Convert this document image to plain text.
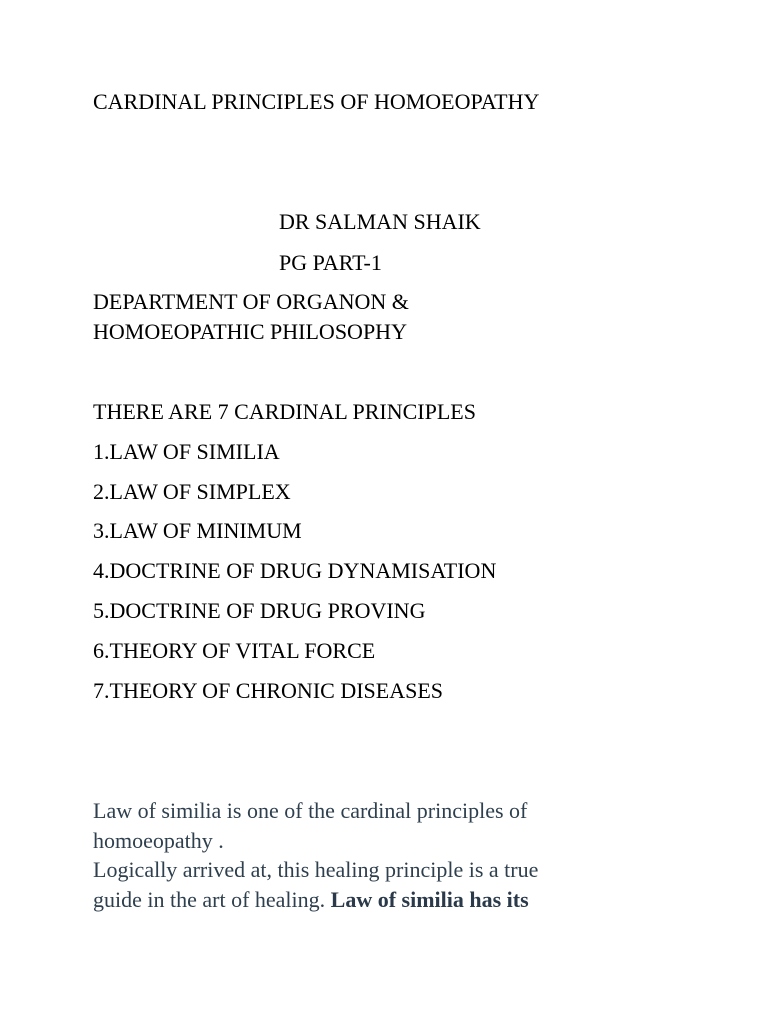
CARDINAL PRINCIPLES OF HOMOEOPATHY
DR SALMAN SHAIK
PG PART-1
DEPARTMENT OF ORGANON &
HOMOEOPATHIC PHILOSOPHY
THERE ARE 7 CARDINAL PRINCIPLES
1.LAW OF SIMILIA
2.LAW OF SIMPLEX
3.LAW OF MINIMUM
4.DOCTRINE OF DRUG DYNAMISATION
5.DOCTRINE OF DRUG PROVING
6.THEORY OF VITAL FORCE
7.THEORY OF CHRONIC DISEASES
Law of similia is one of the cardinal principles of
homoeopathy .
Logically arrived at, this healing principle is a true
guide in the art of healing. Law of similia has its
